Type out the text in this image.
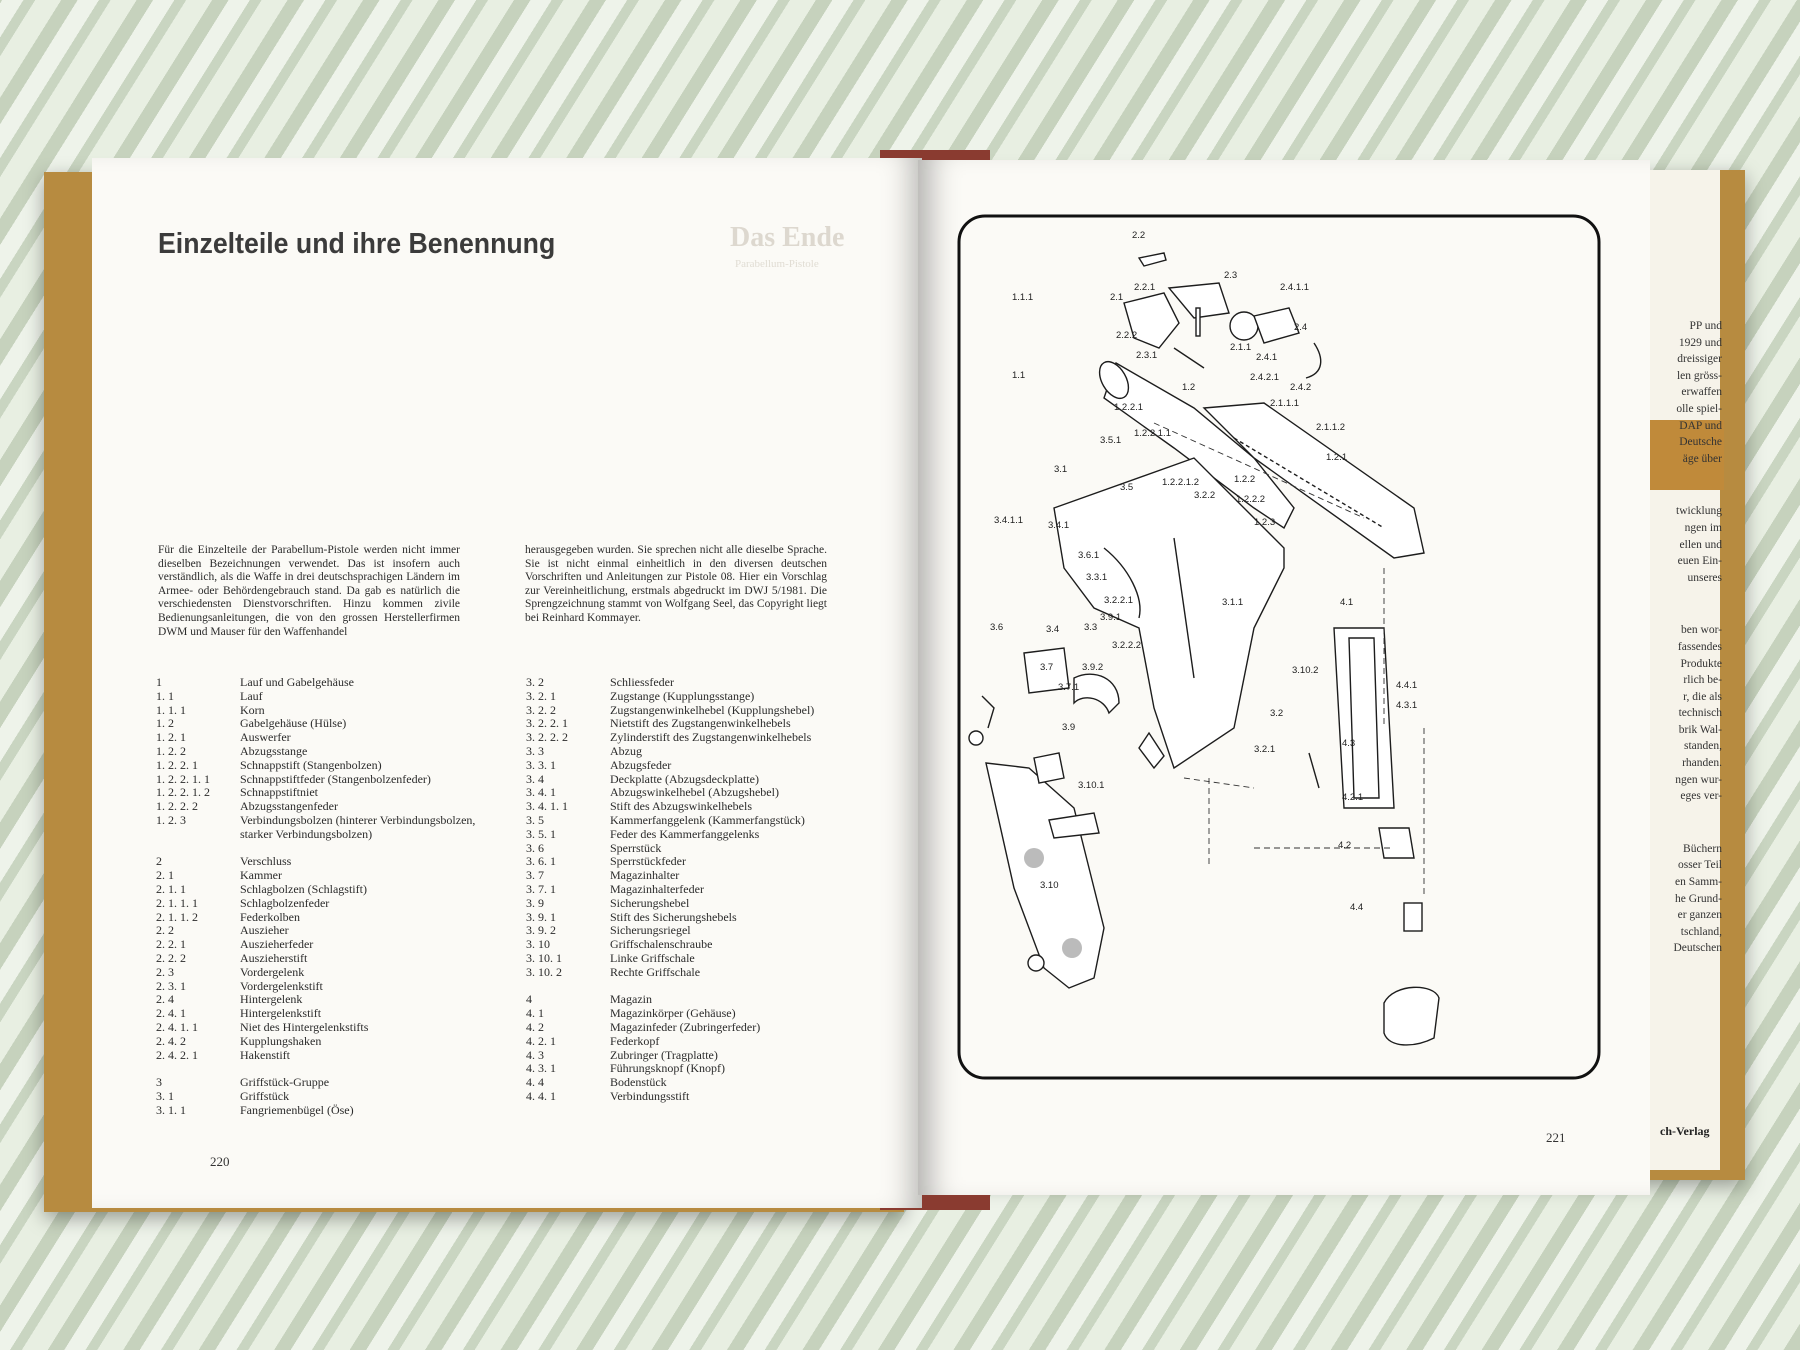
PP und
1929 und
dreissiger
len gröss-
erwaffen
olle spiel-
DAP und
Deutsche
äge über
twicklung
ngen im
ellen und
euen Ein-
unseres
ben wor-
fassendes
Produkte
rlich be-
r, die als
technisch
brik Wal-
standen,
rhanden.
ngen wur-
eges ver-
Büchern
osser Teil
en Samm-
he Grund-
er ganzen
tschland,
Deutschen
ch-Verlag
Das Ende
Parabellum-Pistole
Einzelteile und ihre Benennung

Für die Einzelteile der Parabellum-Pistole werden nicht immer dieselben Bezeichnungen verwendet. Das ist insofern auch verständlich, als die Waffe in drei deutschsprachigen Ländern im Armee- oder Behördengebrauch stand. Da gab es natürlich die verschiedensten Dienstvorschriften. Hinzu kommen zivile Bedienungsanleitungen, die von den grossen Herstellerfirmen DWM und Mauser für den Waffenhandel

herausgegeben wurden. Sie sprechen nicht alle dieselbe Sprache. Sie ist nicht einmal einheitlich in den diversen deutschen Vorschriften und Anleitungen zur Pistole 08. Hier ein Vorschlag zur Vereinheitlichung, erstmals abgedruckt im DWJ 5/1981. Die Sprengzeichnung stammt von Wolfgang Seel, das Copyright liegt bei Reinhard Kommayer.

1	Lauf und Gabelgehäuse
1. 1	Lauf
1. 1. 1	Korn
1. 2	Gabelgehäuse (Hülse)
1. 2. 1	Auswerfer
1. 2. 2	Abzugsstange
1. 2. 2. 1	Schnappstift (Stangenbolzen)
1. 2. 2. 1. 1	Schnappstiftfeder (Stangenbolzenfeder)
1. 2. 2. 1. 2	Schnappstiftniet
1. 2. 2. 2	Abzugsstangenfeder
1. 2. 3	Verbindungsbolzen (hinterer Verbindungsbolzen, starker Verbindungsbolzen)
2	Verschluss
2. 1	Kammer
2. 1. 1	Schlagbolzen (Schlagstift)
2. 1. 1. 1	Schlagbolzenfeder
2. 1. 1. 2	Federkolben
2. 2	Auszieher
2. 2. 1	Ausziеherfeder
2. 2. 2	Ausziеherstift
2. 3	Vordergelenk
2. 3. 1	Vordergelenkstift
2. 4	Hintergelenk
2. 4. 1	Hintergelenkstift
2. 4. 1. 1	Niet des Hintergelenkstifts
2. 4. 2	Kupplungshaken
2. 4. 2. 1	Hakenstift
3	Griffstück-Gruppe
3. 1	Griffstück
3. 1. 1	Fangriemenbügel (Öse)
3. 2	Schliessfeder
3. 2. 1	Zugstange (Kupplungsstange)
3. 2. 2	Zugstangenwinkelhebel (Kupplungshebel)
3. 2. 2. 1	Nietstift des Zugstangenwinkelhebels
3. 2. 2. 2	Zylinderstift des Zugstangenwinkelhebels
3. 3	Abzug
3. 3. 1	Abzugsfeder
3. 4	Deckplatte (Abzugsdeckplatte)
3. 4. 1	Abzugswinkelhebel (Abzugshebel)
3. 4. 1. 1	Stift des Abzugswinkelhebels
3. 5	Kammerfanggelenk (Kammerfangstück)
3. 5. 1	Feder des Kammerfanggelenks
3. 6	Sperrstück
3. 6. 1	Sperrstückfeder
3. 7	Magazinhalter
3. 7. 1	Magazinhalterfeder
3. 9	Sicherungshebel
3. 9. 1	Stift des Sicherungshebels
3. 9. 2	Sicherungsriegel
3. 10	Griffschalenschraube
3. 10. 1	Linke Griffschale
3. 10. 2	Rechte Griffschale
4	Magazin
4. 1	Magazinkörper (Gehäuse)
4. 2	Magazinfeder (Zubringerfeder)
4. 2. 1	Federkopf
4. 3	Zubringer (Tragplatte)
4. 3. 1	Führungsknopf (Knopf)
4. 4	Bodenstück
4. 4. 1	Verbindungsstift
220
2.2
2.2.1
2.3
2.4.1.1
2.1
2.4
2.2.2
1.1.1
2.3.1
2.1.1
2.4.1
2.4.2.1
2.4.2
1.1
1.2
2.1.1.1
1.2.2.1
2.1.1.2
1.2.2.1.1
3.5.1
1.2.1
3.1
1.2.2.1.2	1.2.2
3.5
3.2.2 1.2.2.2
3.4.1.1	3.4.1	1.2.3
3.6.1
3.3.1
4.1
3.2.2.1
3.6	3.4	3.3
3.9.1
3.1.1
3.2.2.2
3.7	3.9.2	3.10.2
4.4.1
3.7.1
3.2
4.3.1
3.9
3.2.1
4.3
3.10.1
4.2.1
4.2
3.10
4.4
221
